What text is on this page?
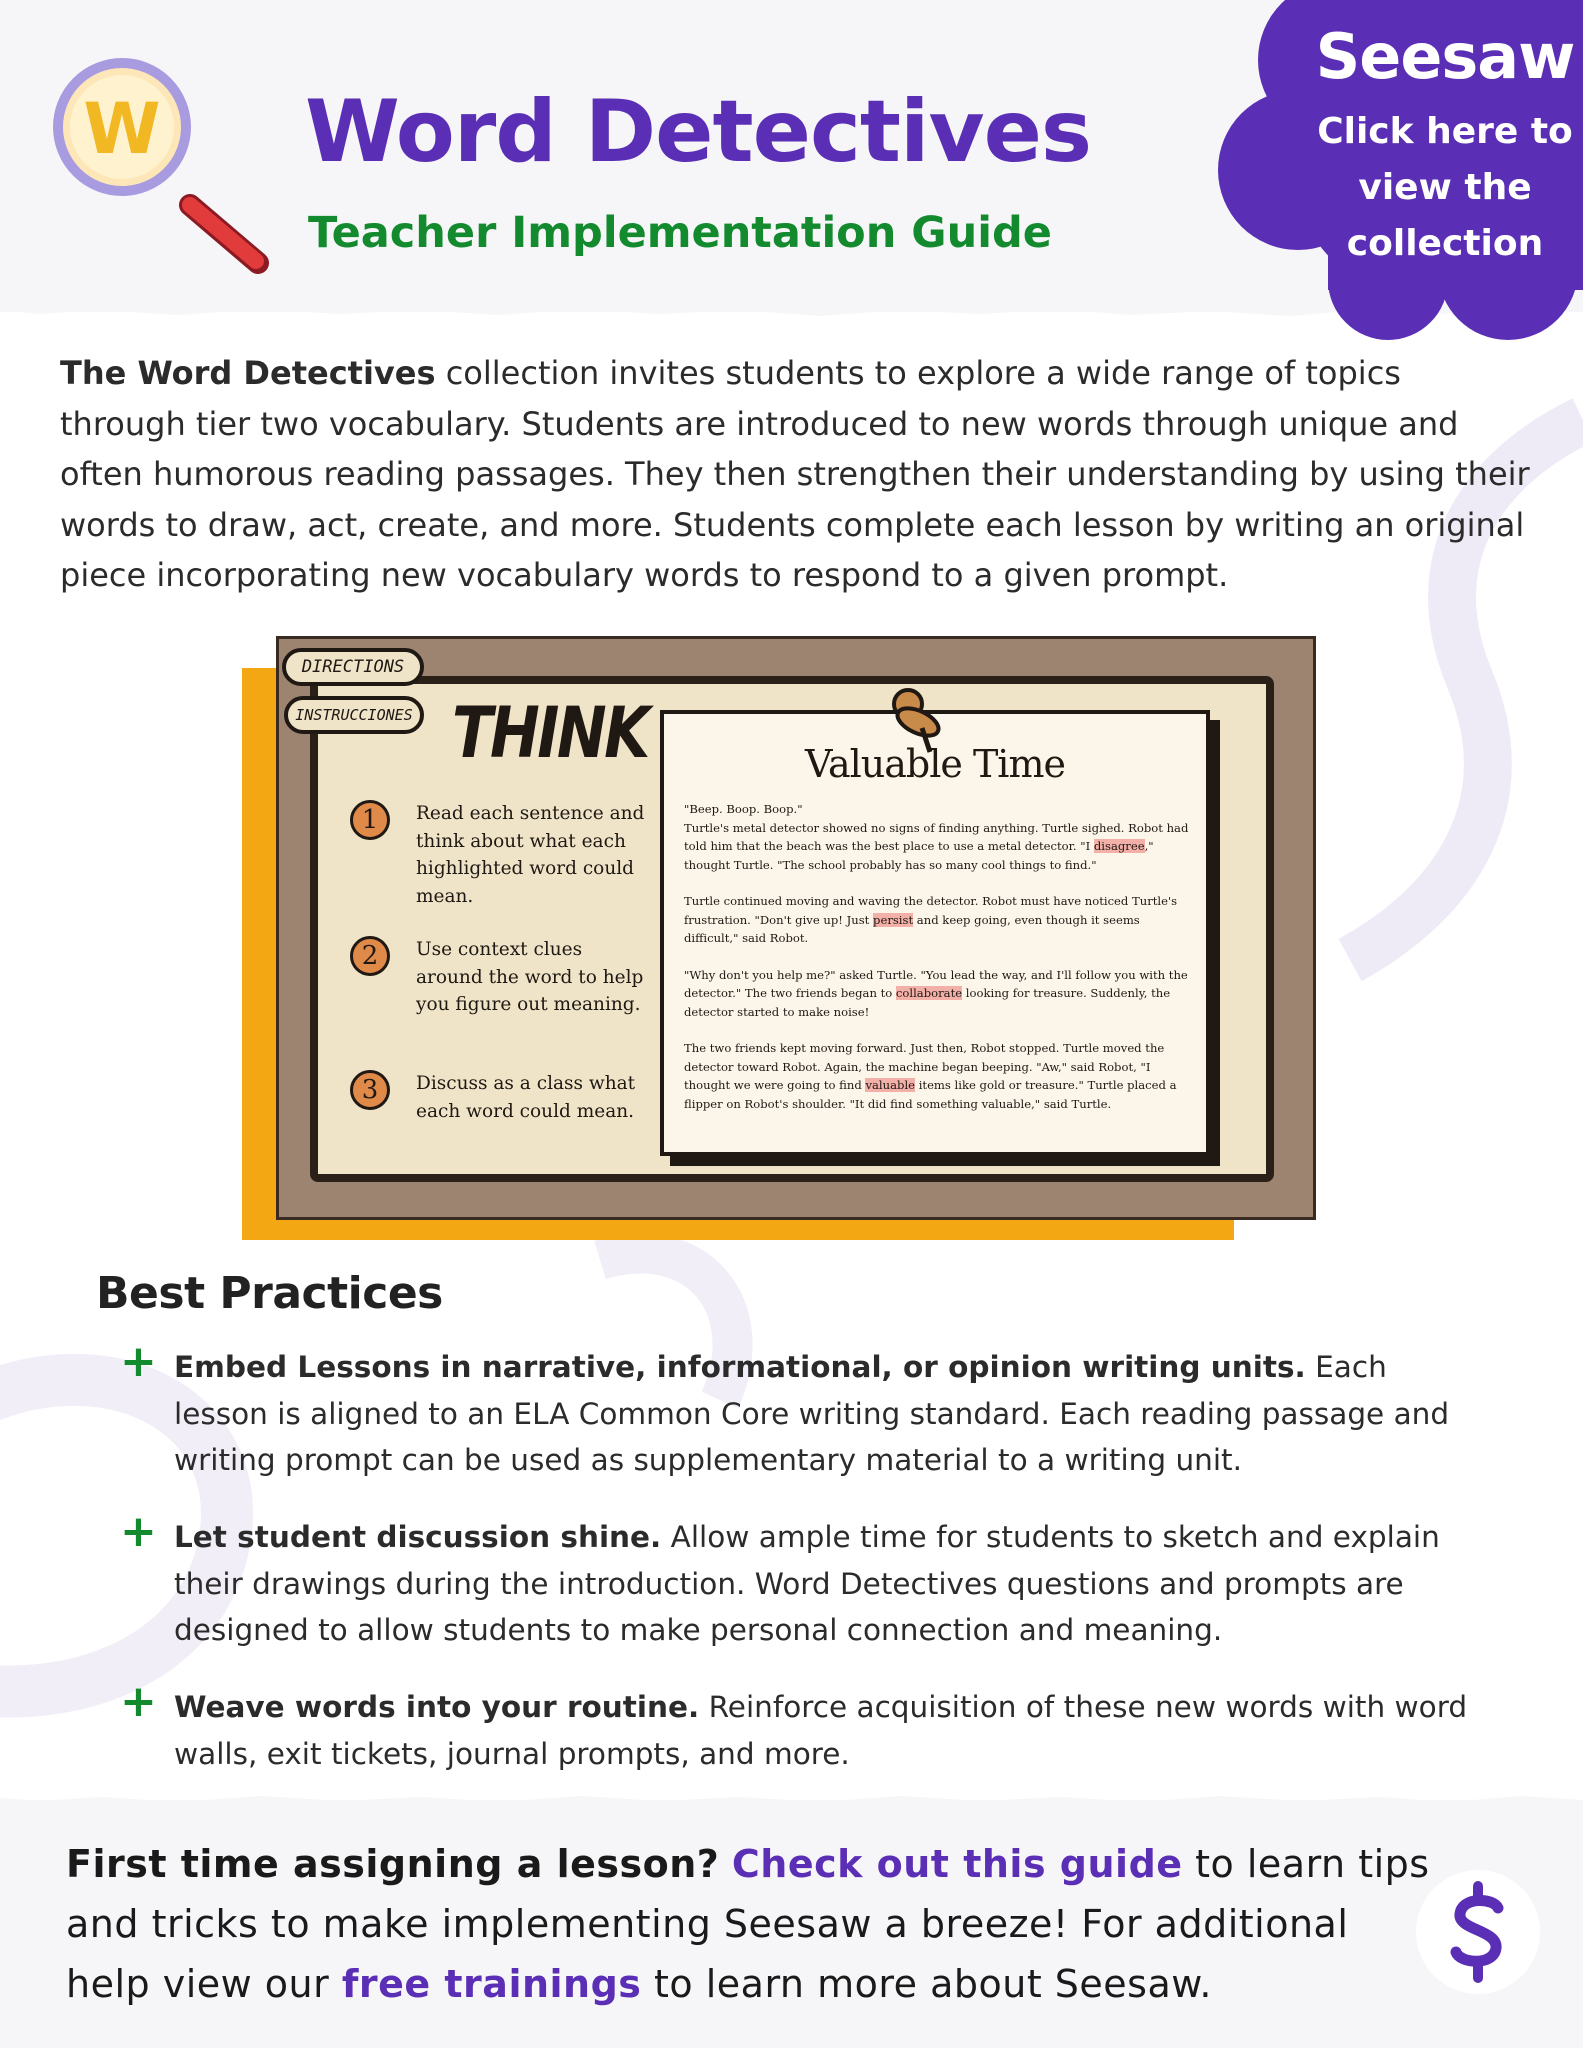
W Word Detectives
Teacher Implementation Guide
Seesaw
Click here to
view the
collection

The Word Detectives collection invites students to explore a wide range of topics through tier two vocabulary. Students are introduced to new words through unique and often humorous reading passages. They then strengthen their understanding by using their words to draw, act, create, and more. Students complete each lesson by writing an original piece incorporating new vocabulary words to respond to a given prompt.

DIRECTIONS
INSTRUCCIONES THINK
1	Read each sentence and think about what each highlighted word could mean.
2	Use context clues around the word to help you figure out meaning.
3	Discuss as a class what each word could mean.
Valuable Time

"Beep. Boop. Boop."
Turtle's metal detector showed no signs of finding anything. Turtle sighed. Robot had told him that the beach was the best place to use a metal detector. "I disagree," thought Turtle. "The school probably has so many cool things to find."

Turtle continued moving and waving the detector. Robot must have noticed Turtle's frustration. "Don't give up! Just persist and keep going, even though it seems difficult," said Robot.

"Why don't you help me?" asked Turtle. "You lead the way, and I'll follow you with the detector." The two friends began to collaborate looking for treasure. Suddenly, the detector started to make noise!

The two friends kept moving forward. Just then, Robot stopped. Turtle moved the detector toward Robot. Again, the machine began beeping. "Aw," said Robot, "I thought we were going to find valuable items like gold or treasure." Turtle placed a flipper on Robot's shoulder. "It did find something valuable," said Turtle.

Best Practices
+ Embed Lessons in narrative, informational, or opinion writing units. Each lesson is aligned to an ELA Common Core writing standard. Each reading passage and writing prompt can be used as supplementary material to a writing unit.
+ Let student discussion shine. Allow ample time for students to sketch and explain their drawings during the introduction. Word Detectives questions and prompts are designed to allow students to make personal connection and meaning.
+ Weave words into your routine. Reinforce acquisition of these new words with word walls, exit tickets, journal prompts, and more.

First time assigning a lesson? Check out this guide to learn tips and tricks to make implementing Seesaw a breeze! For additional help view our free trainings to learn more about Seesaw.
